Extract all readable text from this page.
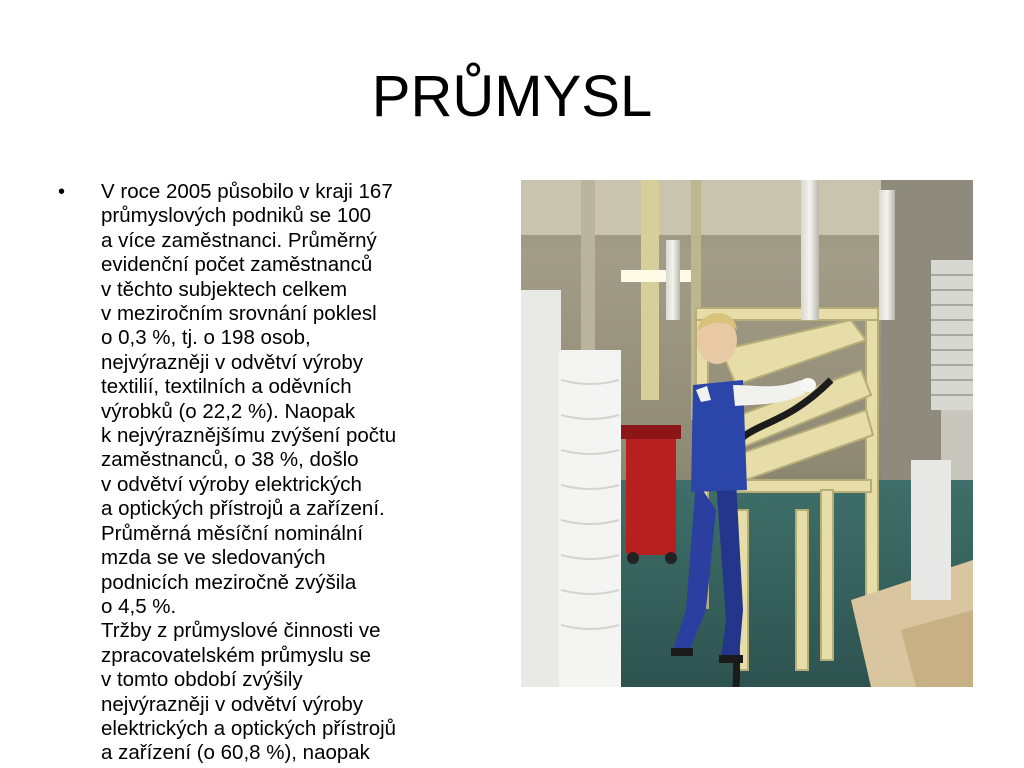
PRŮMYSL
• V roce 2005 působilo v kraji 167
průmyslových podniků se 100
a více zaměstnanci. Průměrný
evidenční počet zaměstnanců
v těchto subjektech celkem
v meziročním srovnání poklesl
o 0,3 %, tj. o 198 osob,
nejvýrazněji v odvětví výroby
textilií, textilních a oděvních
výrobků (o 22,2 %). Naopak
k nejvýraznějšímu zvýšení počtu
zaměstnanců, o 38 %, došlo
v odvětví výroby elektrických
a optických přístrojů a zařízení.
Průměrná měsíční nominální
mzda se ve sledovaných
podnicích meziročně zvýšila
o 4,5 %.
Tržby z průmyslové činnosti ve
zpracovatelském průmyslu se
v tomto období zvýšily
nejvýrazněji v odvětví výroby
elektrických a optických přístrojů
a zařízení (o 60,8 %), naopak
